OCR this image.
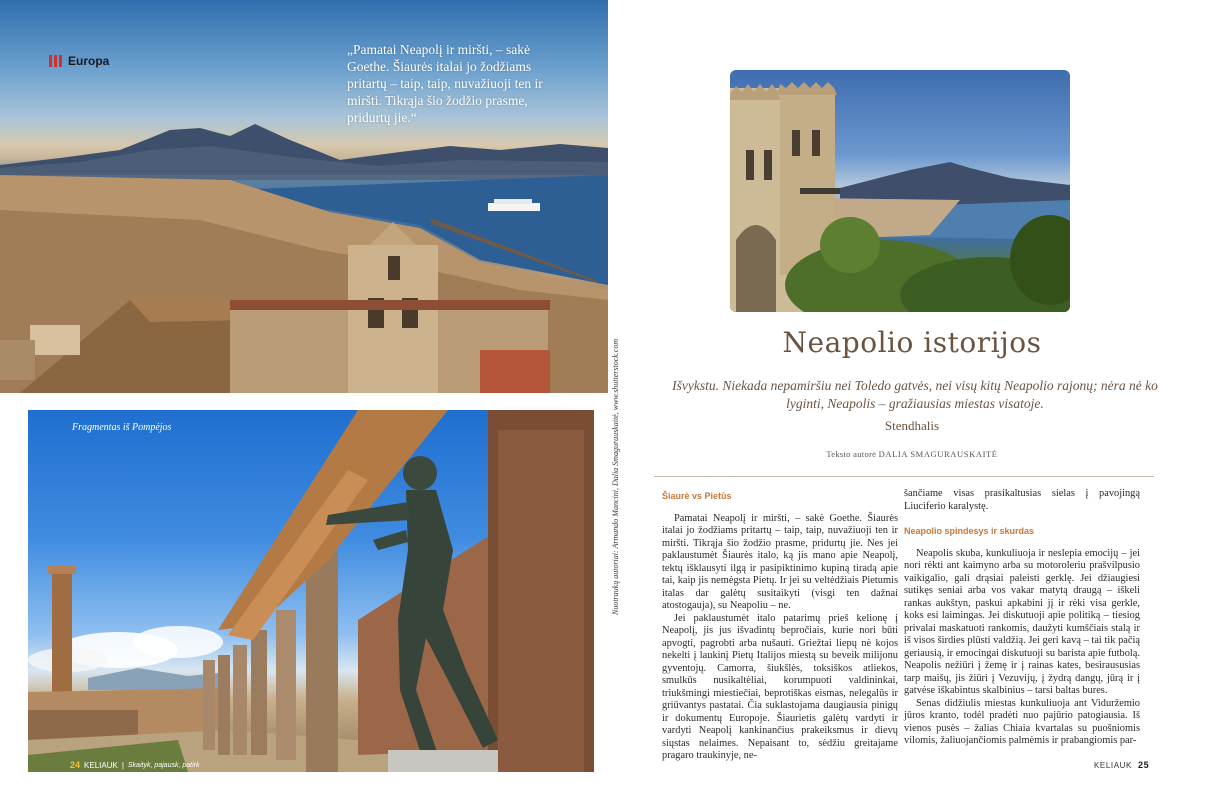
Europa
„Pamatai Neapolį ir miršti, – sakė Goethe. Šiaurės italai jo žodžiams pritartų – taip, taip, nuvažiuoji ten ir miršti. Tikrąja šio žodžio prasme, pridurtų jie.“
Fragmentas iš Pompėjos	Nuotraukų autoriai: Armando Mancini, Dalia Smagurauskaitė, www.shutterstock.com
24 KELIAUK | Skaityk, pajausk, patirk
Neapolio istorijos
Išvykstu. Niekada nepamiršiu nei Toledo gatvės, nei visų kitų Neapolio rajonų; nėra nė ko lyginti, Neapolis – gražiausias miestas visatoje.
Stendhalis
Teksto autorė DALIA SMAGURAUSKAITĖ
Šiaurė vs Pietūs

Pamatai Neapolį ir miršti, – sakė Goethe. Šiaurės italai jo žodžiams pritartų – taip, taip, nuvažiuoji ten ir miršti. Tikrąja šio žodžio prasme, pridurtų jie. Nes jei paklaustumėt Šiaurės italo, ką jis mano apie Neapolį, tektų išklausyti ilgą ir pasipiktinimo kupiną tiradą apie tai, kaip jis nemėgsta Pietų. Ir jei su veltėdžiais Pietumis italas dar galėtų susitaikyti (visgi ten dažnai atostogauja), su Neapoliu – ne.

Jei paklaustumėt italo patarimų prieš kelionę į Neapolį, jis jus išvadintų bepročiais, kurie nori būti apvogti, pagrobti arba nušauti. Griežtai liepų nė kojos nekelti į laukinį Pietų Italijos miestą su beveik milijonu gyventojų. Camorra, šiukšlės, toksiškos atliekos, smulkūs nusikaltėliai, korumpuoti valdininkai, triukšmingi miestiečiai, beprotiškas eismas, nelegalūs ir griūvantys pastatai. Čia suklastojama daugiausia pinigų ir dokumentų Europoje. Šiaurietis galėtų vardyti ir vardyti Neapolį kankinančius prakeiksmus ir dievų siųstas nelaimes. Nepaisant to, sėdžiu greitajame pragaro traukinyje, ne-

šančiame visas prasikaltusias sielas į pavojingą Liuciferio karalystę.

Neapolio spindesys ir skurdas

Neapolis skuba, kunkuliuoja ir neslepia emocijų – jei nori rėkti ant kaimyno arba su motoroleriu prašvilpusio vaikigalio, gali drąsiai paleisti gerklę. Jei džiaugiesi sutikęs seniai arba vos vakar matytą draugą – iškeli rankas aukštyn, paskui apkabini jį ir rėki visa gerkle, koks esi laimingas. Jei diskutuoji apie politiką – tiesiog privalai maskatuoti rankomis, daužyti kumščiais stalą ir iš visos širdies plūsti valdžią. Jei geri kavą – tai tik pačią geriausią, ir emocingai diskutuoji su barista apie futbolą. Neapolis nežiūri į žemę ir į rainas kates, besiraususias tarp maišų, jis žiūri į Vezuvijų, į žydrą dangų, jūrą ir į gatvėse iškabintus skalbinius – tarsi baltas bures.

Senas didžiulis miestas kunkuliuoja ant Viduržemio jūros kranto, todėl pradėti nuo pajūrio patogiausia. Iš vienos pusės – žalias Chiaia kvartalas su puošniomis vilomis, žaliuojančiomis palmėmis ir prabangiomis par-

KELIAUK 25
